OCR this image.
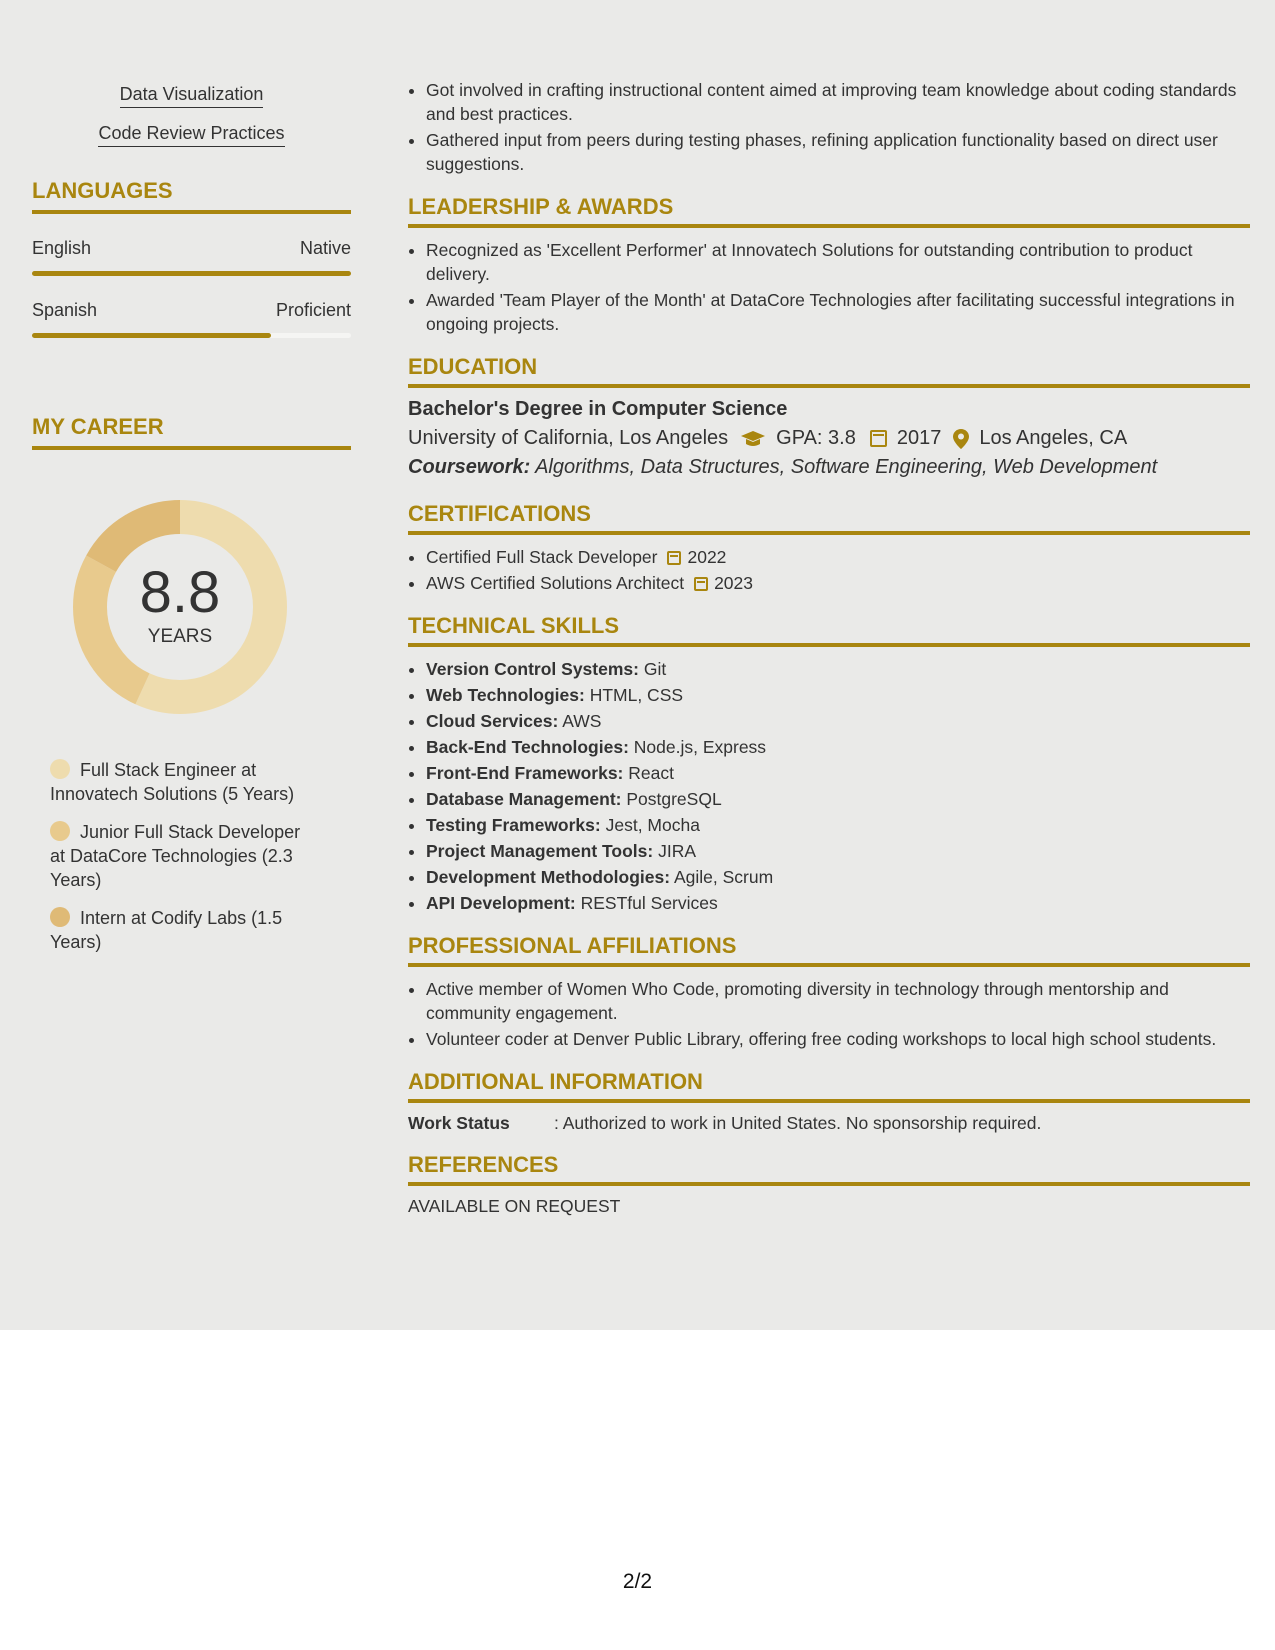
Data Visualization
Code Review Practices
LANGUAGES
English	Native
Spanish	Proficient
MY CAREER
8.8
YEARS
Full Stack Engineer at Innovatech Solutions (5 Years)
Junior Full Stack Developer at DataCore Technologies (2.3 Years)
Intern at Codify Labs (1.5 Years)
• Got involved in crafting instructional content aimed at improving team knowledge about coding standards and best practices.
• Gathered input from peers during testing phases, refining application functionality based on direct user suggestions.
LEADERSHIP & AWARDS
• Recognized as 'Excellent Performer' at Innovatech Solutions for outstanding contribution to product delivery.
• Awarded 'Team Player of the Month' at DataCore Technologies after facilitating successful integrations in ongoing projects.
EDUCATION
Bachelor's Degree in Computer Science
University of California, Los Angeles GPA: 3.8 2017 Los Angeles, CA
Coursework: Algorithms, Data Structures, Software Engineering, Web Development
CERTIFICATIONS
• Certified Full Stack Developer 2022
• AWS Certified Solutions Architect 2023
TECHNICAL SKILLS
• Version Control Systems: Git
• Web Technologies: HTML, CSS
• Cloud Services: AWS
• Back-End Technologies: Node.js, Express
• Front-End Frameworks: React
• Database Management: PostgreSQL
• Testing Frameworks: Jest, Mocha
• Project Management Tools: JIRA
• Development Methodologies: Agile, Scrum
• API Development: RESTful Services
PROFESSIONAL AFFILIATIONS
• Active member of Women Who Code, promoting diversity in technology through mentorship and community engagement.
• Volunteer coder at Denver Public Library, offering free coding workshops to local high school students.
ADDITIONAL INFORMATION
Work Status	: Authorized to work in United States. No sponsorship required.
REFERENCES
AVAILABLE ON REQUEST
2/2
